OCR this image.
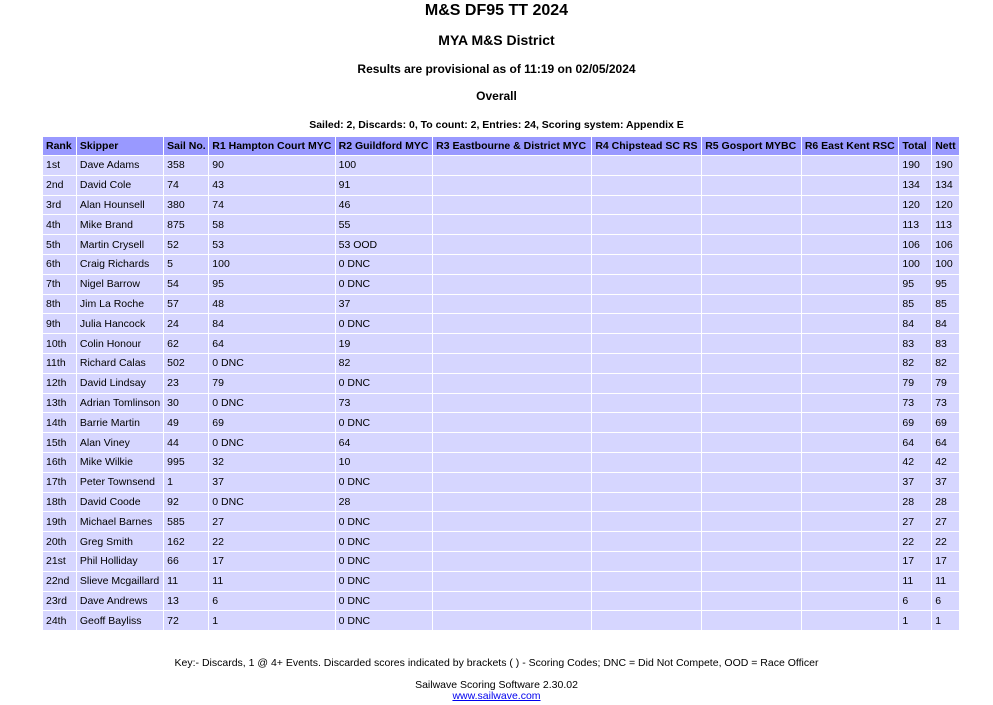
M&S DF95 TT 2024
MYA M&S District
Results are provisional as of 11:19 on 02/05/2024
Overall
Sailed: 2, Discards: 0, To count: 2, Entries: 24, Scoring system: Appendix E
Rank	Skipper	Sail No.	R1 Hampton Court MYC	R2 Guildford MYC	R3 Eastbourne & District MYC	R4 Chipstead SC RS	R5 Gosport MYBC	R6 East Kent RSC	Total	Nett
1st	Dave Adams	358	90	100					190	190
2nd	David Cole	74	43	91					134	134
3rd	Alan Hounsell	380	74	46					120	120
4th	Mike Brand	875	58	55					113	113
5th	Martin Crysell	52	53	53 OOD					106	106
6th	Craig Richards	5	100	0 DNC					100	100
7th	Nigel Barrow	54	95	0 DNC					95	95
8th	Jim La Roche	57	48	37					85	85
9th	Julia Hancock	24	84	0 DNC					84	84
10th	Colin Honour	62	64	19					83	83
11th	Richard Calas	502	0 DNC	82					82	82
12th	David Lindsay	23	79	0 DNC					79	79
13th	Adrian Tomlinson	30	0 DNC	73					73	73
14th	Barrie Martin	49	69	0 DNC					69	69
15th	Alan Viney	44	0 DNC	64					64	64
16th	Mike Wilkie	995	32	10					42	42
17th	Peter Townsend	1	37	0 DNC					37	37
18th	David Coode	92	0 DNC	28					28	28
19th	Michael Barnes	585	27	0 DNC					27	27
20th	Greg Smith	162	22	0 DNC					22	22
21st	Phil Holliday	66	17	0 DNC					17	17
22nd	Slieve Mcgaillard	11	11	0 DNC					11	11
23rd	Dave Andrews	13	6	0 DNC					6	6
24th	Geoff Bayliss	72	1	0 DNC					1	1
Key:- Discards, 1 @ 4+ Events. Discarded scores indicated by brackets ( ) - Scoring Codes; DNC = Did Not Compete, OOD = Race Officer
Sailwave Scoring Software 2.30.02
www.sailwave.com
